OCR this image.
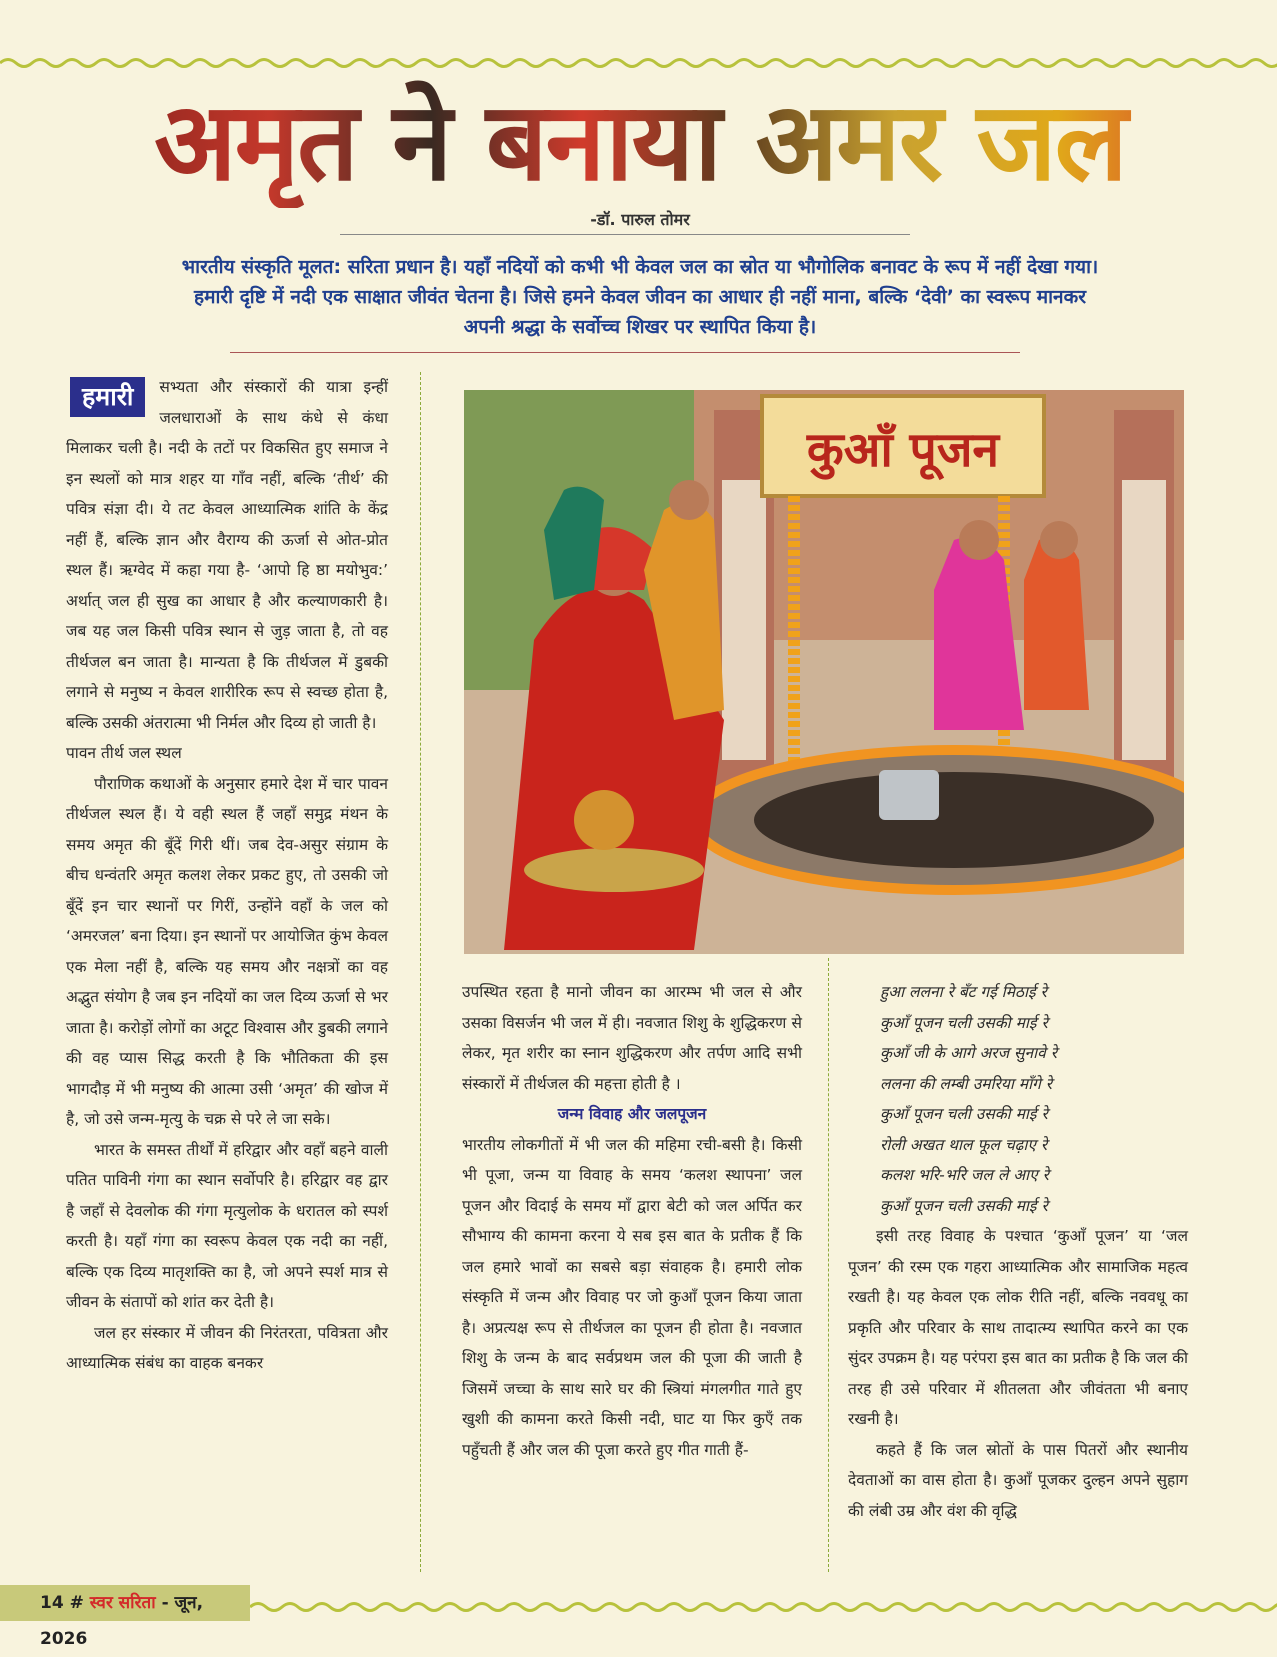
अमृत ने बनाया अमर जल
-डॉ. पारुल तोमर
भारतीय संस्कृति मूलत: सरिता प्रधान है। यहाँ नदियों को कभी भी केवल जल का स्रोत या भौगोलिक बनावट के रूप में नहीं देखा गया।
हमारी दृष्टि में नदी एक साक्षात जीवंत चेतना है। जिसे हमने केवल जीवन का आधार ही नहीं माना, बल्कि ‘देवी’ का स्वरूप मानकर
अपनी श्रद्धा के सर्वोच्च शिखर पर स्थापित किया है।

हमारी	सभ्यता और संस्कारों की यात्रा इन्हीं जलधाराओं के साथ कंधे से कंधा मिलाकर चली है। नदी के तटों पर विकसित हुए समाज ने इन स्थलों को मात्र शहर या गाँव नहीं, बल्कि ‘तीर्थ’ की पवित्र संज्ञा दी। ये तट केवल आध्यात्मिक शांति के केंद्र नहीं हैं, बल्कि ज्ञान और वैराग्य की ऊर्जा से ओत-प्रोत स्थल हैं। ऋग्वेद में कहा गया है- ‘आपो हि ष्ठा मयोभुव:’ अर्थात् जल ही सुख का आधार है और कल्याणकारी है। जब यह जल किसी पवित्र स्थान से जुड़ जाता है, तो वह तीर्थजल बन जाता है। मान्यता है कि तीर्थजल में डुबकी लगाने से मनुष्य न केवल शारीरिक रूप से स्वच्छ होता है, बल्कि उसकी अंतरात्मा भी निर्मल और दिव्य हो जाती है।

पावन तीर्थ जल स्थल

पौराणिक कथाओं के अनुसार हमारे देश में चार पावन तीर्थजल स्थल हैं। ये वही स्थल हैं जहाँ समुद्र मंथन के समय अमृत की बूँदें गिरी थीं। जब देव-असुर संग्राम के बीच धन्वंतरि अमृत कलश लेकर प्रकट हुए, तो उसकी जो बूँदें इन चार स्थानों पर गिरीं, उन्होंने वहाँ के जल को ‘अमरजल’ बना दिया। इन स्थानों पर आयोजित कुंभ केवल एक मेला नहीं है, बल्कि यह समय और नक्षत्रों का वह अद्भुत संयोग है जब इन नदियों का जल दिव्य ऊर्जा से भर जाता है। करोड़ों लोगों का अटूट विश्वास और डुबकी लगाने की वह प्यास सिद्ध करती है कि भौतिकता की इस भागदौड़ में भी मनुष्य की आत्मा उसी ‘अमृत’ की खोज में है, जो उसे जन्म-मृत्यु के चक्र से परे ले जा सके।

भारत के समस्त तीर्थों में हरिद्वार और वहाँ बहने वाली पतित पाविनी गंगा का स्थान सर्वोपरि है। हरिद्वार वह द्वार है जहाँ से देवलोक की गंगा मृत्युलोक के धरातल को स्पर्श करती है। यहाँ गंगा का स्वरूप केवल एक नदी का नहीं, बल्कि एक दिव्य मातृशक्ति का है, जो अपने स्पर्श मात्र से जीवन के संतापों को शांत कर देती है।

जल हर संस्कार में जीवन की निरंतरता, पवित्रता और आध्यात्मिक संबंध का वाहक बनकर

कुआँ पूजन

उपस्थित रहता है मानो जीवन का आरम्भ भी जल से और उसका विसर्जन भी जल में ही। नवजात शिशु के शुद्धिकरण से लेकर, मृत शरीर का स्नान शुद्धिकरण और तर्पण आदि सभी संस्कारों में तीर्थजल की महत्ता होती है ।

जन्म विवाह और जलपूजन

भारतीय लोकगीतों में भी जल की महिमा रची-बसी है। किसी भी पूजा, जन्म या विवाह के समय ‘कलश स्थापना’ जल पूजन और विदाई के समय माँ द्वारा बेटी को जल अर्पित कर सौभाग्य की कामना करना ये सब इस बात के प्रतीक हैं कि जल हमारे भावों का सबसे बड़ा संवाहक है। हमारी लोक संस्कृति में जन्म और विवाह पर जो कुआँ पूजन किया जाता है। अप्रत्यक्ष रूप से तीर्थजल का पूजन ही होता है। नवजात शिशु के जन्म के बाद सर्वप्रथम जल की पूजा की जाती है जिसमें जच्चा के साथ सारे घर की स्त्रियां मंगलगीत गाते हुए खुशी की कामना करते किसी नदी, घाट या फिर कुएँ तक पहुँचती हैं और जल की पूजा करते हुए गीत गाती हैं-

हुआ ललना रे बँट गई मिठाई रे

कुआँ पूजन चली उसकी माई रे

कुआँ जी के आगे अरज सुनावे रे

ललना की लम्बी उमरिया माँगे रे

कुआँ पूजन चली उसकी माई रे

रोली अखत थाल फूल चढ़ाए रे

कलश भरि-भरि जल ले आए रे

कुआँ पूजन चली उसकी माई रे

इसी तरह विवाह के पश्चात ‘कुआँ पूजन’ या ‘जल पूजन’ की रस्म एक गहरा आध्यात्मिक और सामाजिक महत्व रखती है। यह केवल एक लोक रीति नहीं, बल्कि नववधू का प्रकृति और परिवार के साथ तादात्म्य स्थापित करने का एक सुंदर उपक्रम है। यह परंपरा इस बात का प्रतीक है कि जल की तरह ही उसे परिवार में शीतलता और जीवंतता भी बनाए रखनी है।

कहते हैं कि जल स्रोतों के पास पितरों और स्थानीय देवताओं का वास होता है। कुआँ पूजकर दुल्हन अपने सुहाग की लंबी उम्र और वंश की वृद्धि

14 # स्वर सरिता - जून, 2026
